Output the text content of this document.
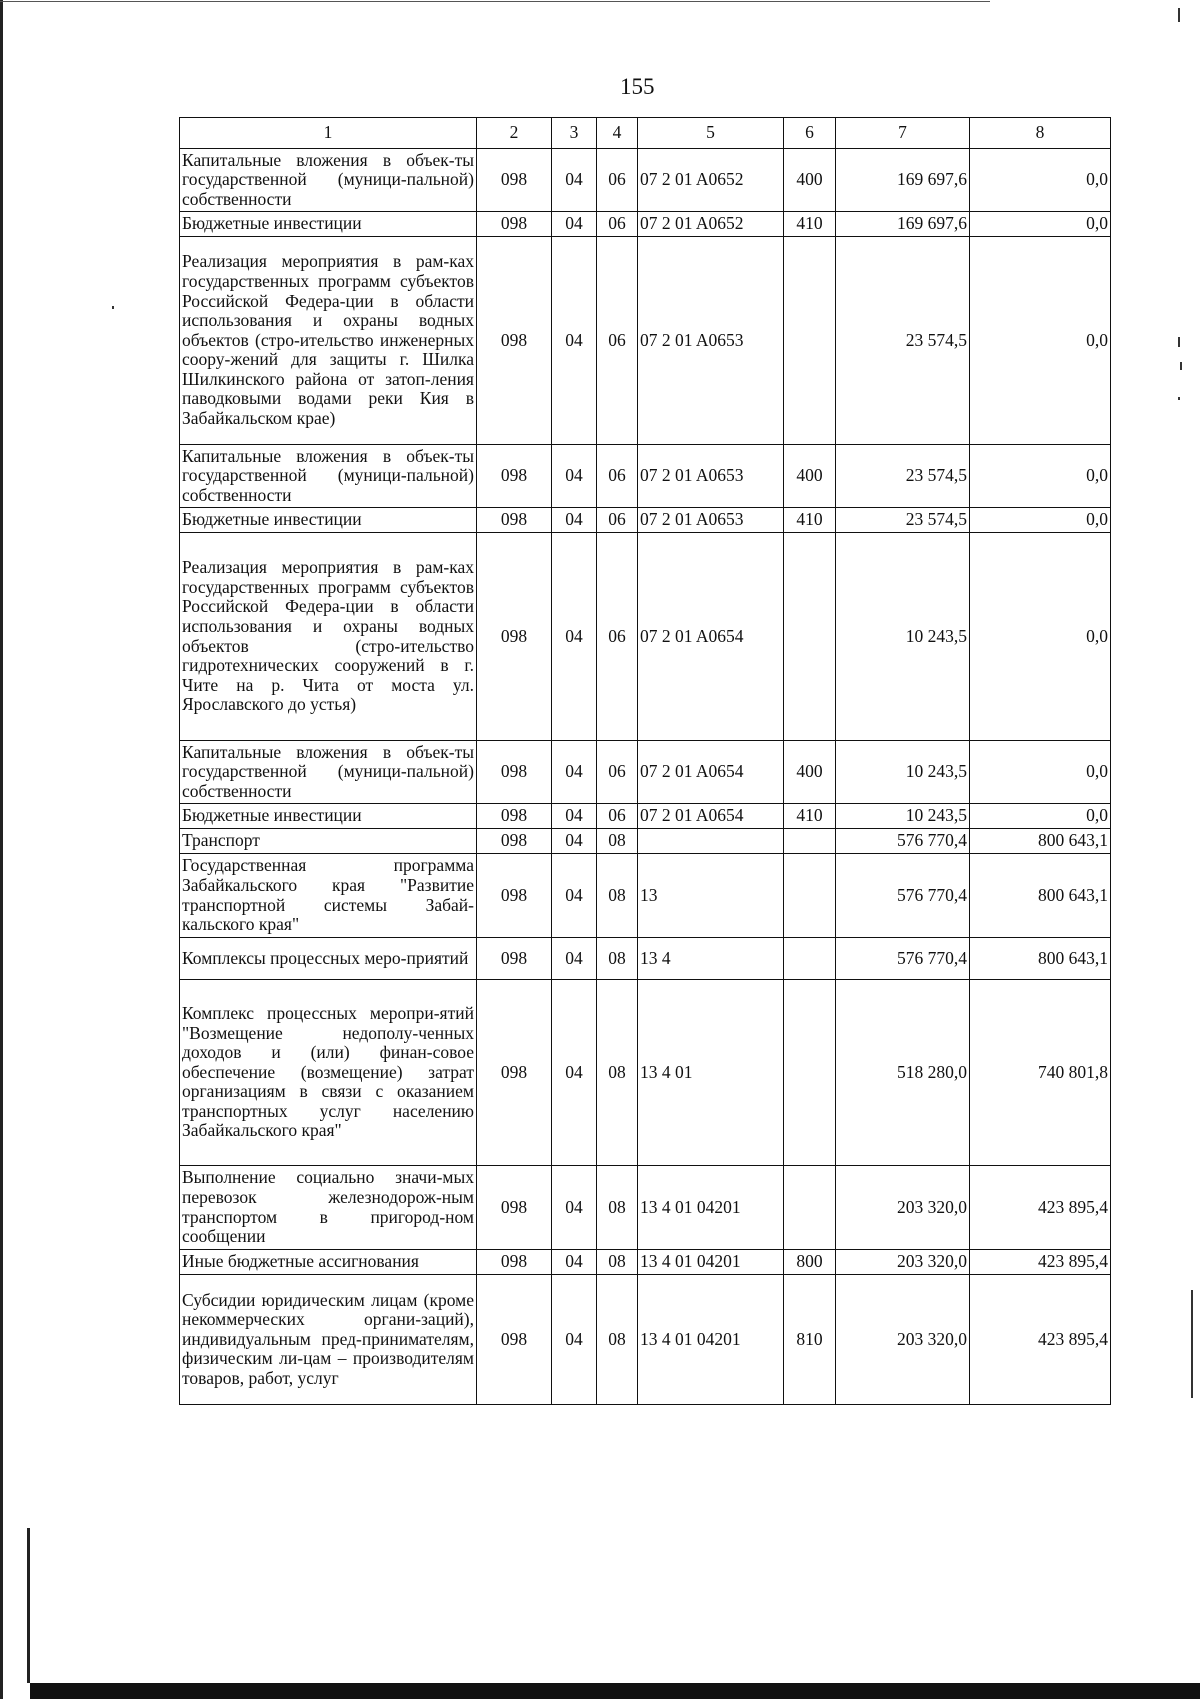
155
1	2	3	4	5	6	7	8
Капитальные вложения в объек-ты государственной (муници-пальной) собственности	098	04	06	07 2 01 A0652	400	169 697,6	0,0
Бюджетные инвестиции	098	04	06	07 2 01 A0652	410	169 697,6	0,0
Реализация мероприятия в рам-ках государственных программ субъектов Российской Федера-ции в области использования и охраны водных объектов (стро-ительство инженерных соору-жений для защиты г. Шилка Шилкинского района от затоп-ления паводковыми водами реки Кия в Забайкальском крае)	098	04	06	07 2 01 A0653		23 574,5	0,0
Капитальные вложения в объек-ты государственной (муници-пальной) собственности	098	04	06	07 2 01 A0653	400	23 574,5	0,0
Бюджетные инвестиции	098	04	06	07 2 01 A0653	410	23 574,5	0,0
Реализация мероприятия в рам-ках государственных программ субъектов Российской Федера-ции в области использования и охраны водных объектов (стро-ительство гидротехнических сооружений в г. Чите на р. Чита от моста ул. Ярославского до устья)	098	04	06	07 2 01 A0654		10 243,5	0,0
Капитальные вложения в объек-ты государственной (муници-пальной) собственности	098	04	06	07 2 01 A0654	400	10 243,5	0,0
Бюджетные инвестиции	098	04	06	07 2 01 A0654	410	10 243,5	0,0
Транспорт	098	04	08			576 770,4	800 643,1
Государственная программа Забайкальского края "Развитие транспортной системы Забай-кальского края"	098	04	08	13		576 770,4	800 643,1
Комплексы процессных меро-приятий	098	04	08	13 4		576 770,4	800 643,1
Комплекс процессных меропри-ятий "Возмещение недополу-ченных доходов и (или) финан-совое обеспечение (возмещение) затрат организациям в связи с оказанием транспортных услуг населению Забайкальского края"	098	04	08	13 4 01		518 280,0	740 801,8
Выполнение социально значи-мых перевозок железнодорож-ным транспортом в пригород-ном сообщении	098	04	08	13 4 01 04201		203 320,0	423 895,4
Иные бюджетные ассигнования	098	04	08	13 4 01 04201	800	203 320,0	423 895,4
Субсидии юридическим лицам (кроме некоммерческих органи-заций), индивидуальным пред-принимателям, физическим ли-цам – производителям товаров, работ, услуг	098	04	08	13 4 01 04201	810	203 320,0	423 895,4
